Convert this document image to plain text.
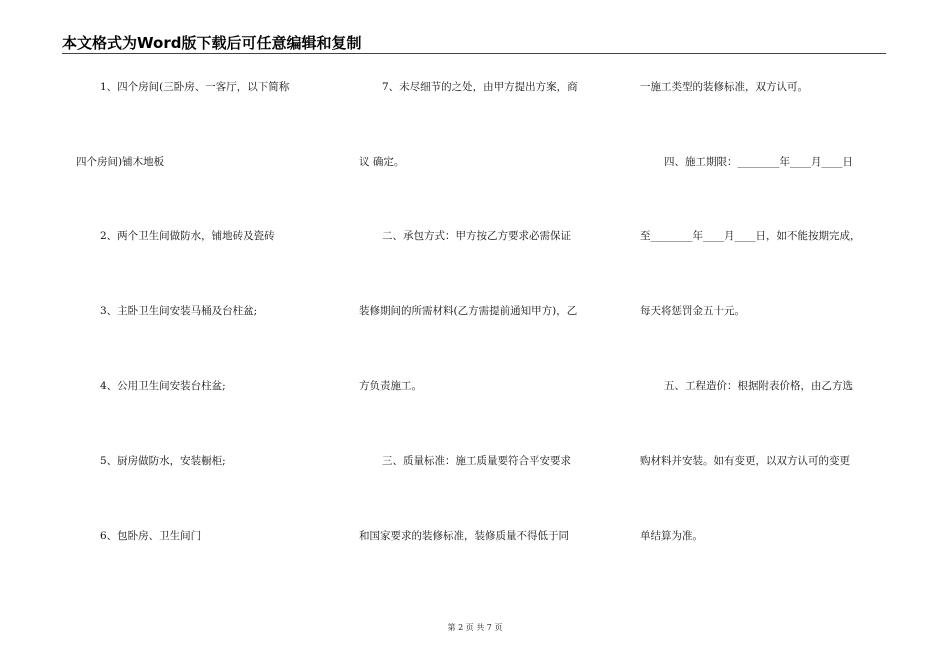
本文格式为Word版下载后可任意编辑和复制
1、四个房间(三卧房、一客厅，以下简称
四个房间)铺木地板
2、两个卫生间做防水，铺地砖及瓷砖
3、主卧卫生间安装马桶及台柱盆;
4、公用卫生间安装台柱盆;
5、厨房做防水，安装橱柜;
6、包卧房、卫生间门
7、未尽细节的之处，由甲方提出方案，商
议 确定。
二、承包方式：甲方按乙方要求必需保证
装修期间的所需材料(乙方需提前通知甲方)，乙
方负责施工。
三、质量标准：施工质量要符合平安要求
和国家要求的装修标准，装修质量不得低于同
一施工类型的装修标准，双方认可。
四、施工期限：________年____月____日
至________年____月____日，如不能按期完成，
每天将惩罚金五十元。
五、工程造价：根据附表价格，由乙方选
购材料并安装。如有变更，以双方认可的变更
单结算为准。
第 2 页 共 7 页
